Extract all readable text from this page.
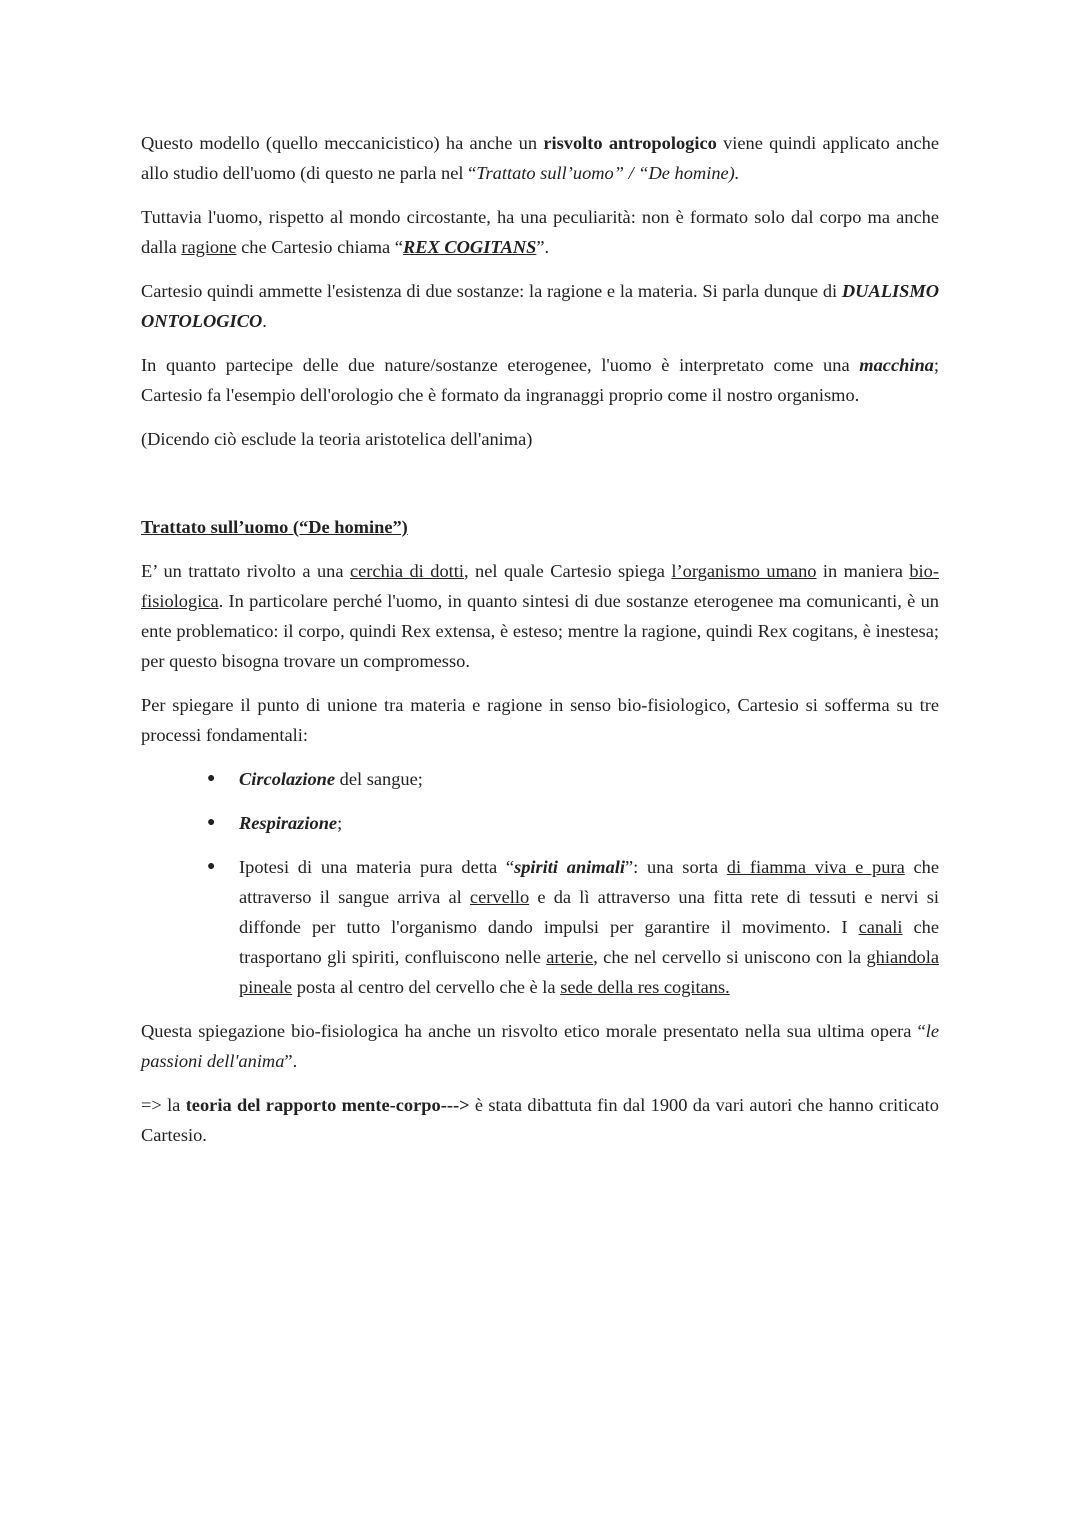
Questo modello (quello meccanicistico) ha anche un risvolto antropologico viene quindi applicato anche allo studio dell'uomo (di questo ne parla nel “Trattato sull’uomo” / “De homine).

Tuttavia l'uomo, rispetto al mondo circostante, ha una peculiarità: non è formato solo dal corpo ma anche dalla ragione che Cartesio chiama “REX COGITANS”.

Cartesio quindi ammette l'esistenza di due sostanze: la ragione e la materia. Si parla dunque di DUALISMO ONTOLOGICO.

In quanto partecipe delle due nature/sostanze eterogenee, l'uomo è interpretato come una macchina; Cartesio fa l'esempio dell'orologio che è formato da ingranaggi proprio come il nostro organismo.

(Dicendo ciò esclude la teoria aristotelica dell'anima)

Trattato sull’uomo (“De homine”)

E’ un trattato rivolto a una cerchia di dotti, nel quale Cartesio spiega l’organismo umano in maniera bio-fisiologica. In particolare perché l'uomo, in quanto sintesi di due sostanze eterogenee ma comunicanti, è un ente problematico: il corpo, quindi Rex extensa, è esteso; mentre la ragione, quindi Rex cogitans, è inestesa; per questo bisogna trovare un compromesso.

Per spiegare il punto di unione tra materia e ragione in senso bio-fisiologico, Cartesio si sofferma su tre processi fondamentali:

● Circolazione del sangue;
● Respirazione;
● Ipotesi di una materia pura detta “spiriti animali”: una sorta di fiamma viva e pura che attraverso il sangue arriva al cervello e da lì attraverso una fitta rete di tessuti e nervi si diffonde per tutto l'organismo dando impulsi per garantire il movimento. I canali che trasportano gli spiriti, confluiscono nelle arterie, che nel cervello si uniscono con la ghiandola pineale posta al centro del cervello che è la sede della res cogitans.

Questa spiegazione bio-fisiologica ha anche un risvolto etico morale presentato nella sua ultima opera “le passioni dell'anima”.

=> la teoria del rapporto mente-corpo---> è stata dibattuta fin dal 1900 da vari autori che hanno criticato Cartesio.
